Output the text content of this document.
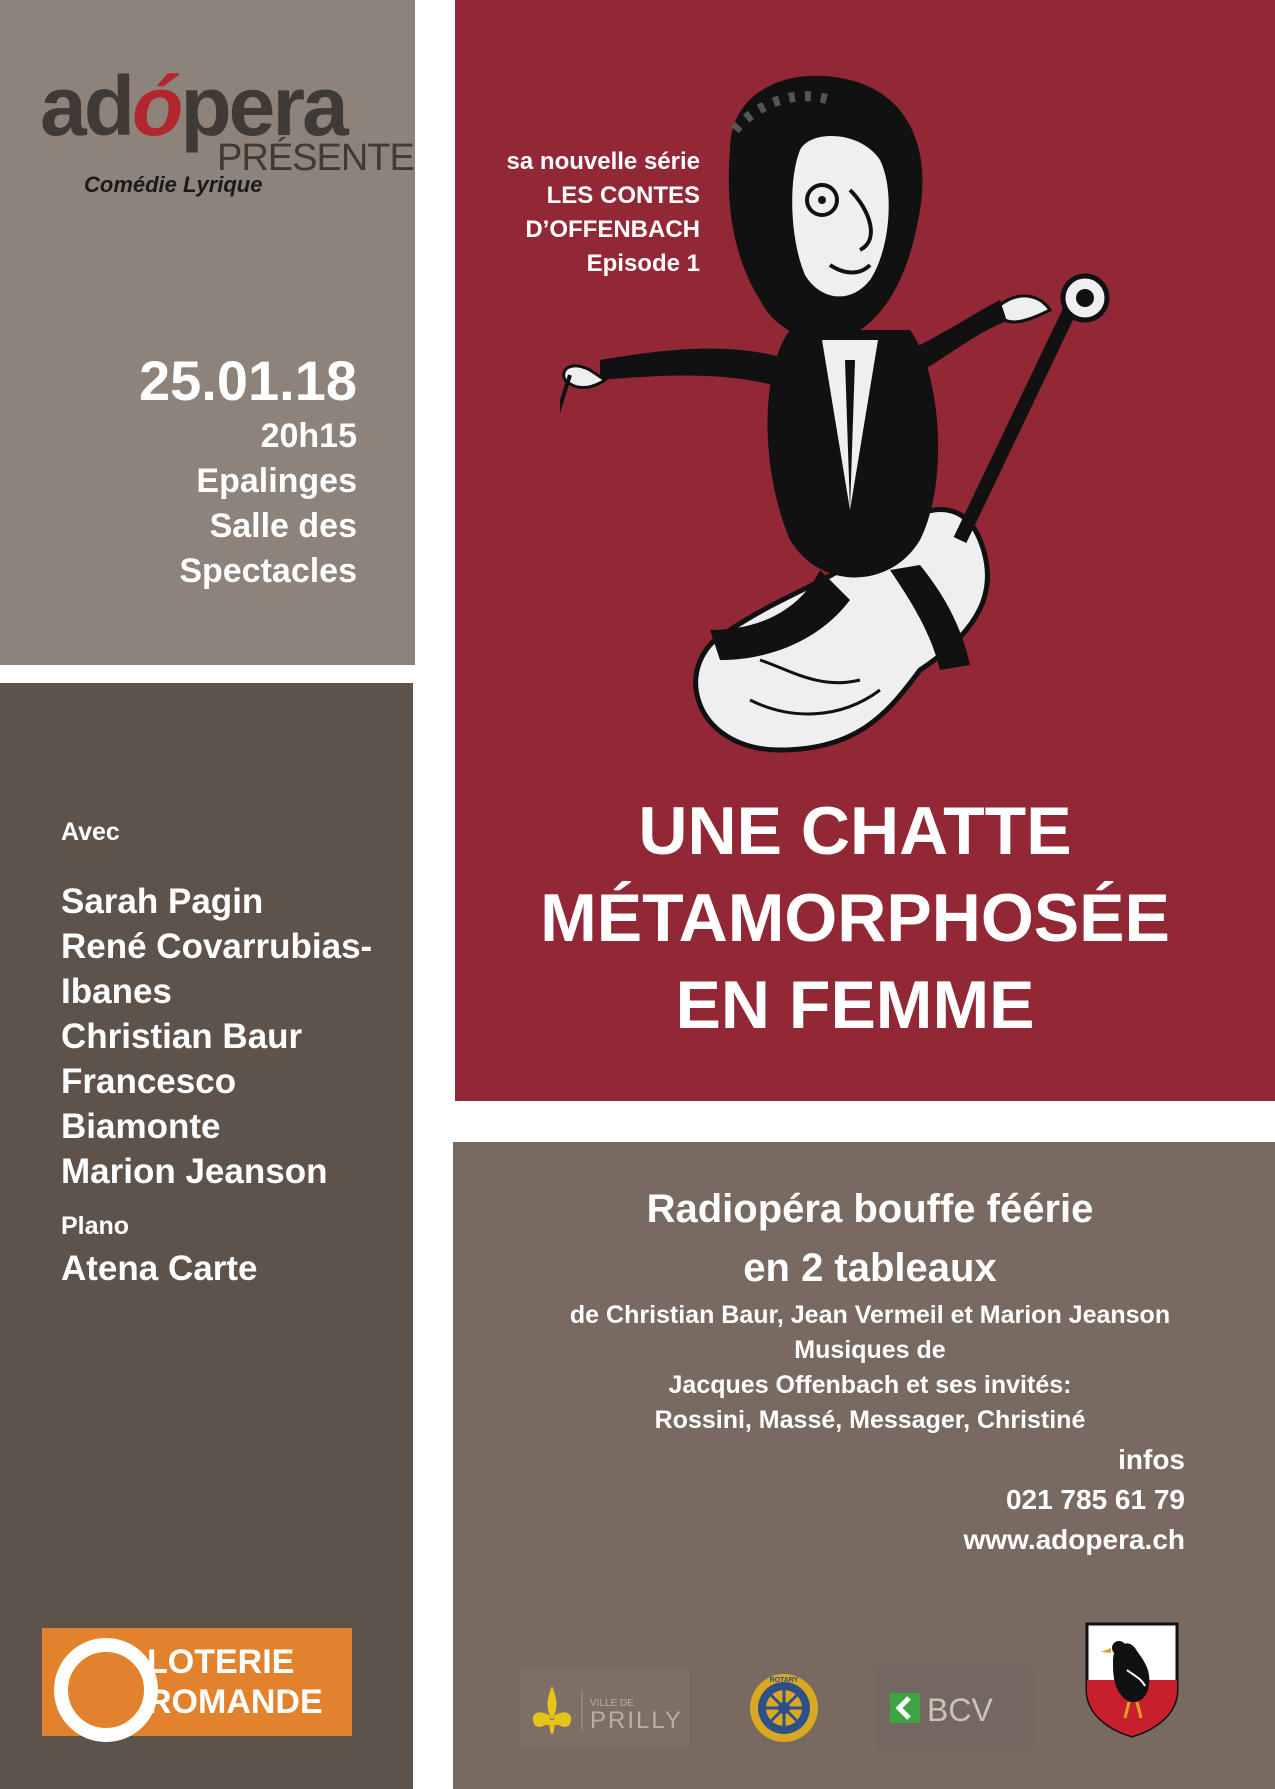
adópera
PRÉSENTE
Comédie Lyrique
sa nouvelle série
LES CONTES
D’OFFENBACH
Episode 1
25.01.18
20h15
Epalinges
Salle des
Spectacles
Avec
Sarah Pagin
René Covarrubias-
Ibanes
Christian Baur
Francesco
Biamonte
Marion Jeanson
Plano
Atena Carte
UNE CHATTE
MÉTAMORPHOSÉE
EN FEMME
Radiopéra bouffe féérie
en 2 tableaux
de Christian Baur, Jean Vermeil et Marion Jeanson
Musiques de
Jacques Offenbach et ses invités:
Rossini, Massé, Messager, Christiné
infos
021 785 61 79
www.adopera.ch
LOTERIE
ROMANDE	VILLE DE
PRILLY
ROTARY
BCV
